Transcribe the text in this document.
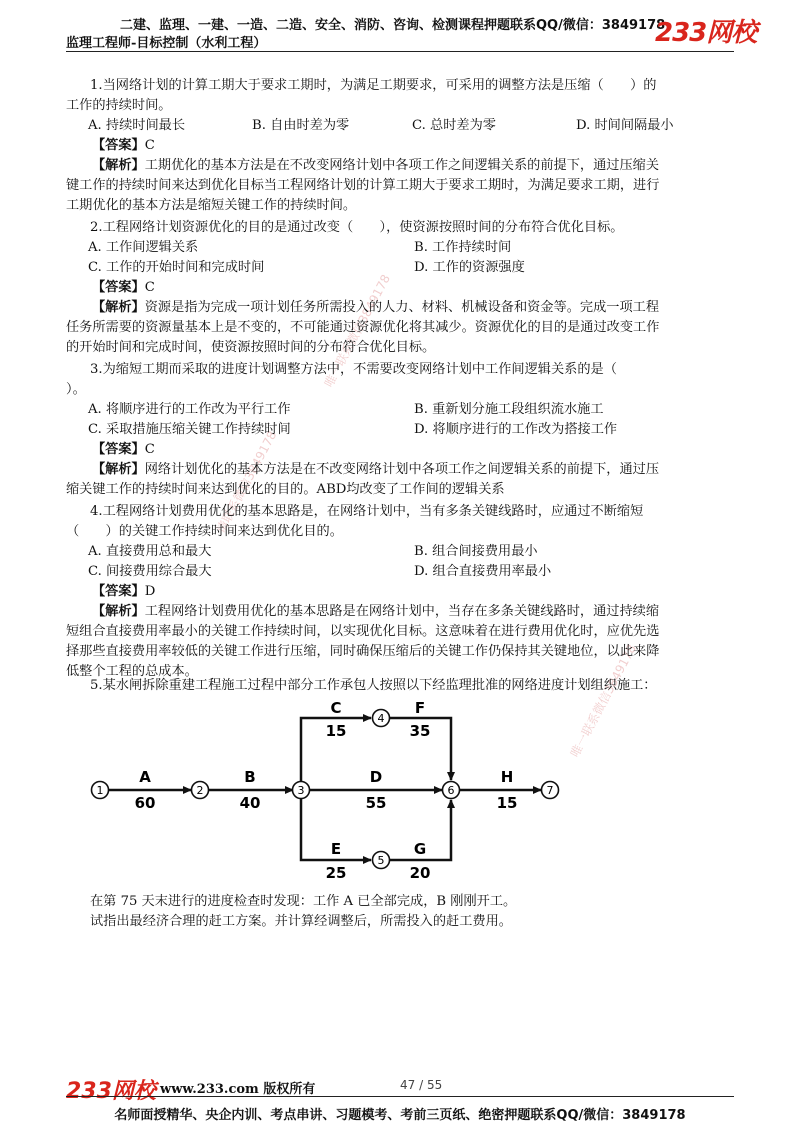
二建、监理、一建、一造、二造、安全、消防、咨询、检测课程押题联系QQ/微信：3849178
监理工程师-目标控制（水利工程）	233网校
请联系微信3849178
唯一联系微信3849178
唯一联系微信3849178
1.当网络计划的计算工期大于要求工期时，为满足工期要求，可采用的调整方法是压缩（　　）的
工作的持续时间。
A. 持续时间最长	B. 自由时差为零	C. 总时差为零	D. 时间间隔最小
【答案】C
【解析】工期优化的基本方法是在不改变网络计划中各项工作之间逻辑关系的前提下，通过压缩关
键工作的持续时间来达到优化目标当工程网络计划的计算工期大于要求工期时，为满足要求工期，进行
工期优化的基本方法是缩短关键工作的持续时间。
2.工程网络计划资源优化的目的是通过改变（　　），使资源按照时间的分布符合优化目标。
A. 工作间逻辑关系	B. 工作持续时间
C. 工作的开始时间和完成时间	D. 工作的资源强度
【答案】C
【解析】资源是指为完成一项计划任务所需投入的人力、材料、机械设备和资金等。完成一项工程
任务所需要的资源量基本上是不变的，不可能通过资源优化将其减少。资源优化的目的是通过改变工作
的开始时间和完成时间，使资源按照时间的分布符合优化目标。
3.为缩短工期而采取的进度计划调整方法中，不需要改变网络计划中工作间逻辑关系的是（
）。
A. 将顺序进行的工作改为平行工作	B. 重新划分施工段组织流水施工
C. 采取措施压缩关键工作持续时间	D. 将顺序进行的工作改为搭接工作
【答案】C
【解析】网络计划优化的基本方法是在不改变网络计划中各项工作之间逻辑关系的前提下，通过压
缩关键工作的持续时间来达到优化的目的。ABD均改变了工作间的逻辑关系
4.工程网络计划费用优化的基本思路是，在网络计划中，当有多条关键线路时，应通过不断缩短
（　　）的关键工作持续时间来达到优化目的。
A. 直接费用总和最大	B. 组合间接费用最小
C. 间接费用综合最大	D. 组合直接费用率最小
【答案】D
【解析】工程网络计划费用优化的基本思路是在网络计划中，当存在多条关键线路时，通过持续缩
短组合直接费用率最小的关键工作持续时间，以实现优化目标。这意味着在进行费用优化时，应优先选
择那些直接费用率较低的关键工作进行压缩，同时确保压缩后的关键工作仍保持其关键地位，以此来降
低整个工程的总成本。
5.某水闸拆除重建工程施工过程中部分工作承包人按照以下经监理批准的网络进度计划组织施工：
1	2	3
4
5
6	7
A
60
B
40
C
15
D
55
E
25
F
35
G
20
H
15
在第 75 天末进行的进度检查时发现：工作 A 已全部完成，B 刚刚开工。
试指出最经济合理的赶工方案。并计算经调整后，所需投入的赶工费用。
233网校 www.233.com 版权所有	47 / 55
名师面授精华、央企内训、考点串讲、习题模考、考前三页纸、绝密押题联系QQ/微信：3849178
